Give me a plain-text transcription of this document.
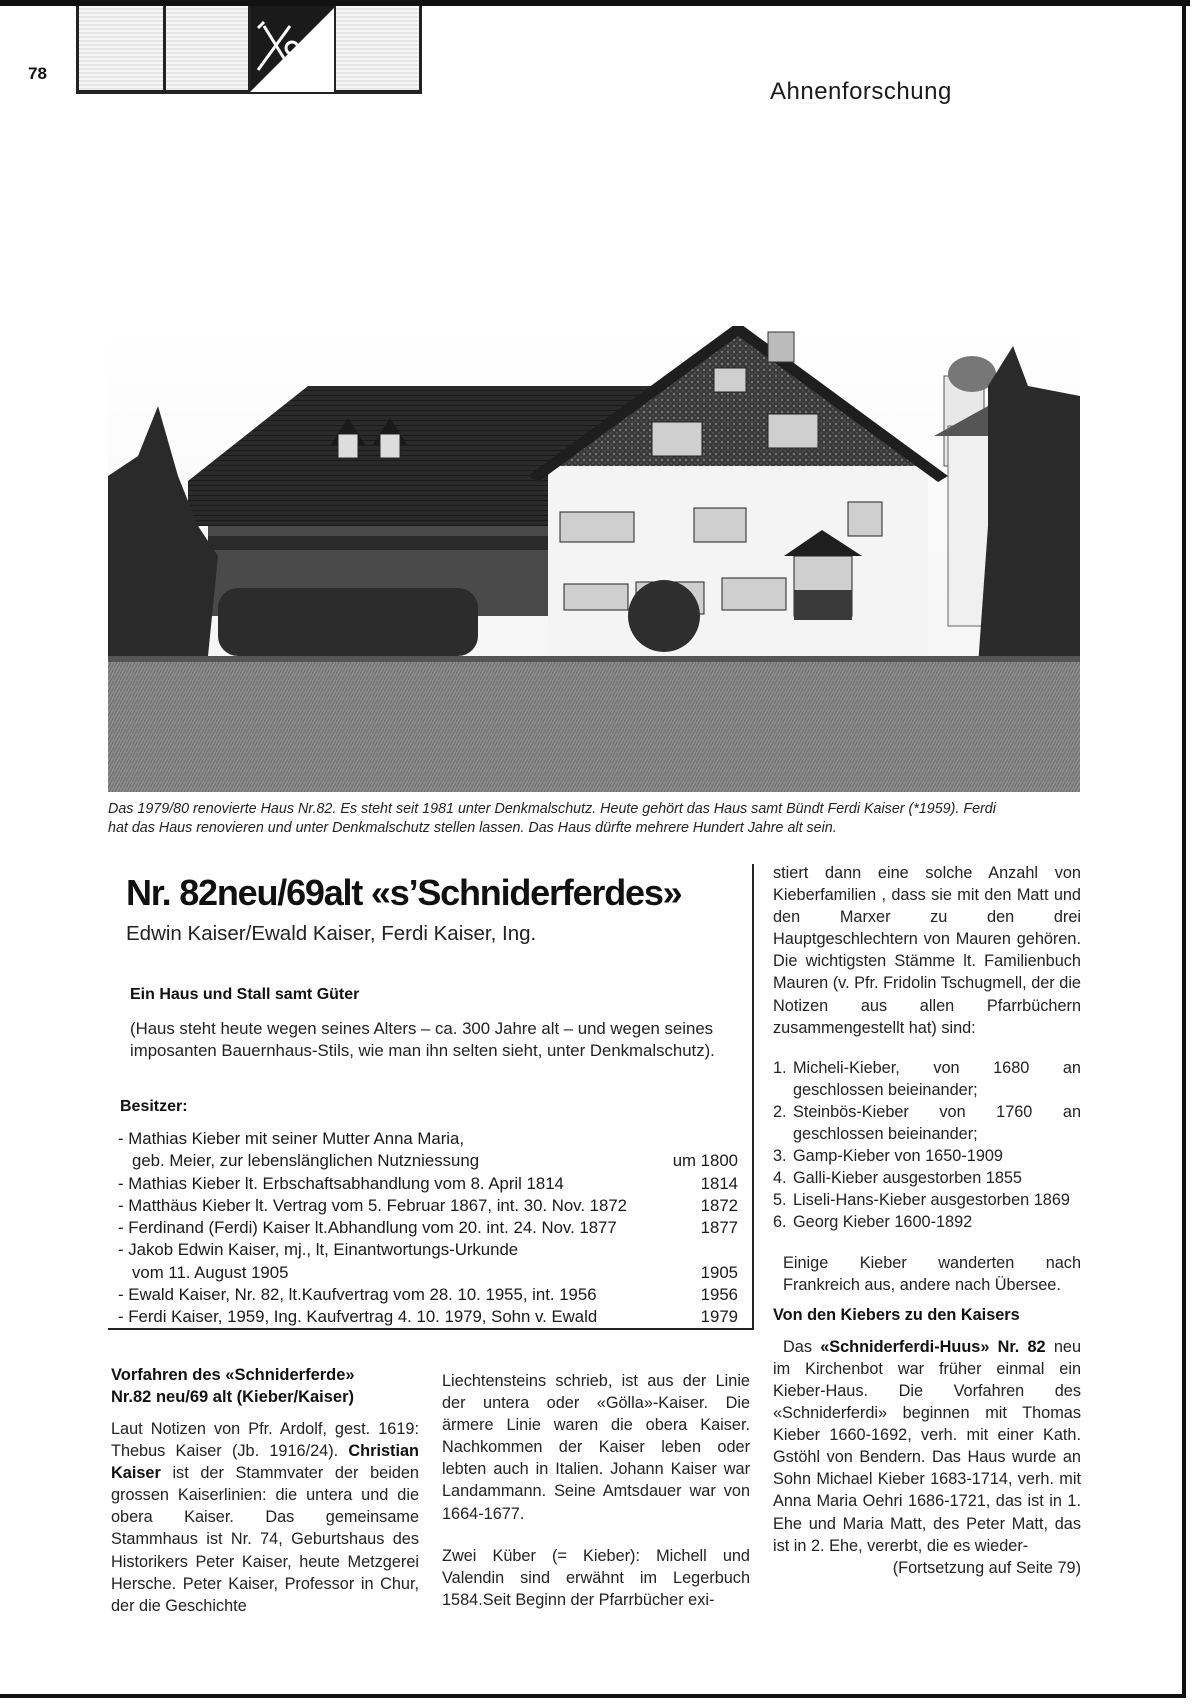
78
Ahnenforschung
Das 1979/80 renovierte Haus Nr.82. Es steht seit 1981 unter Denkmalschutz. Heute gehört das Haus samt Bündt Ferdi Kaiser (*1959). Ferdi
hat das Haus renovieren und unter Denkmalschutz stellen lassen. Das Haus dürfte mehrere Hundert Jahre alt sein.
Nr. 82neu/69alt «s’Schniderferdes»
Edwin Kaiser/Ewald Kaiser, Ferdi Kaiser, Ing.
Ein Haus und Stall samt Güter
(Haus steht heute wegen seines Alters – ca. 300 Jahre alt – und wegen seines
imposanten Bauernhaus-Stils, wie man ihn selten sieht, unter Denkmalschutz).
Besitzer:
- Mathias Kieber mit seiner Mutter Anna Maria,
geb. Meier, zur lebenslänglichen Nutzniessung	um 1800
- Mathias Kieber lt. Erbschaftsabhandlung vom 8. April 1814	1814
- Matthäus Kieber lt. Vertrag vom 5. Februar 1867, int. 30. Nov. 1872	1872
- Ferdinand (Ferdi) Kaiser lt.Abhandlung vom 20. int. 24. Nov. 1877	1877
- Jakob Edwin Kaiser, mj., lt, Einantwortungs-Urkunde
vom 11. August 1905	1905
- Ewald Kaiser, Nr. 82, lt.Kaufvertrag vom 28. 10. 1955, int. 1956	1956
- Ferdi Kaiser, 1959, Ing. Kaufvertrag 4. 10. 1979, Sohn v. Ewald	1979
Vorfahren des «Schniderferde»
Nr.82 neu/69 alt (Kieber/Kaiser)

Laut Notizen von Pfr. Ardolf, gest. 1619: Thebus Kaiser (Jb. 1916/24). Christian Kaiser ist der Stammvater der beiden grossen Kaiserlinien: die untera und die obera Kaiser. Das gemeinsame Stammhaus ist Nr. 74, Geburtshaus des Historikers Peter Kaiser, heute Metzgerei Hersche. Peter Kaiser, Professor in Chur, der die Geschichte

Liechtensteins schrieb, ist aus der Linie der untera oder «Gölla»-Kaiser. Die ärmere Linie waren die obera Kaiser. Nachkommen der Kaiser leben oder lebten auch in Italien. Johann Kaiser war Landammann. Seine Amtsdauer war von 1664-1677.

Zwei Küber (= Kieber): Michell und Valendin sind erwähnt im Legerbuch 1584.Seit Beginn der Pfarrbücher exi-

stiert dann eine solche Anzahl von Kieberfamilien , dass sie mit den Matt und den Marxer zu den drei Hauptgeschlechtern von Mauren gehören. Die wichtigsten Stämme lt. Familienbuch Mauren (v. Pfr. Fridolin Tschugmell, der die Notizen aus allen Pfarrbüchern zusammengestellt hat) sind:

1. Micheli-Kieber, von 1680 an geschlossen beieinander;
2. Steinbös-Kieber von 1760 an geschlossen beieinander;
3. Gamp-Kieber von 1650-1909
4. Galli-Kieber ausgestorben 1855
5. Liseli-Hans-Kieber ausgestorben 1869
6. Georg Kieber 1600-1892

Einige Kieber wanderten nach Frankreich aus, andere nach Übersee.

Von den Kiebers zu den Kaisers

Das «Schniderferdi-Huus» Nr. 82 neu im Kirchenbot war früher einmal ein Kieber-Haus. Die Vorfahren des «Schniderferdi» beginnen mit Thomas Kieber 1660-1692, verh. mit einer Kath. Gstöhl von Bendern. Das Haus wurde an Sohn Michael Kieber 1683-1714, verh. mit Anna Maria Oehri 1686-1721, das ist in 1. Ehe und Maria Matt, des Peter Matt, das ist in 2. Ehe, vererbt, die es wieder-

(Fortsetzung auf Seite 79)
